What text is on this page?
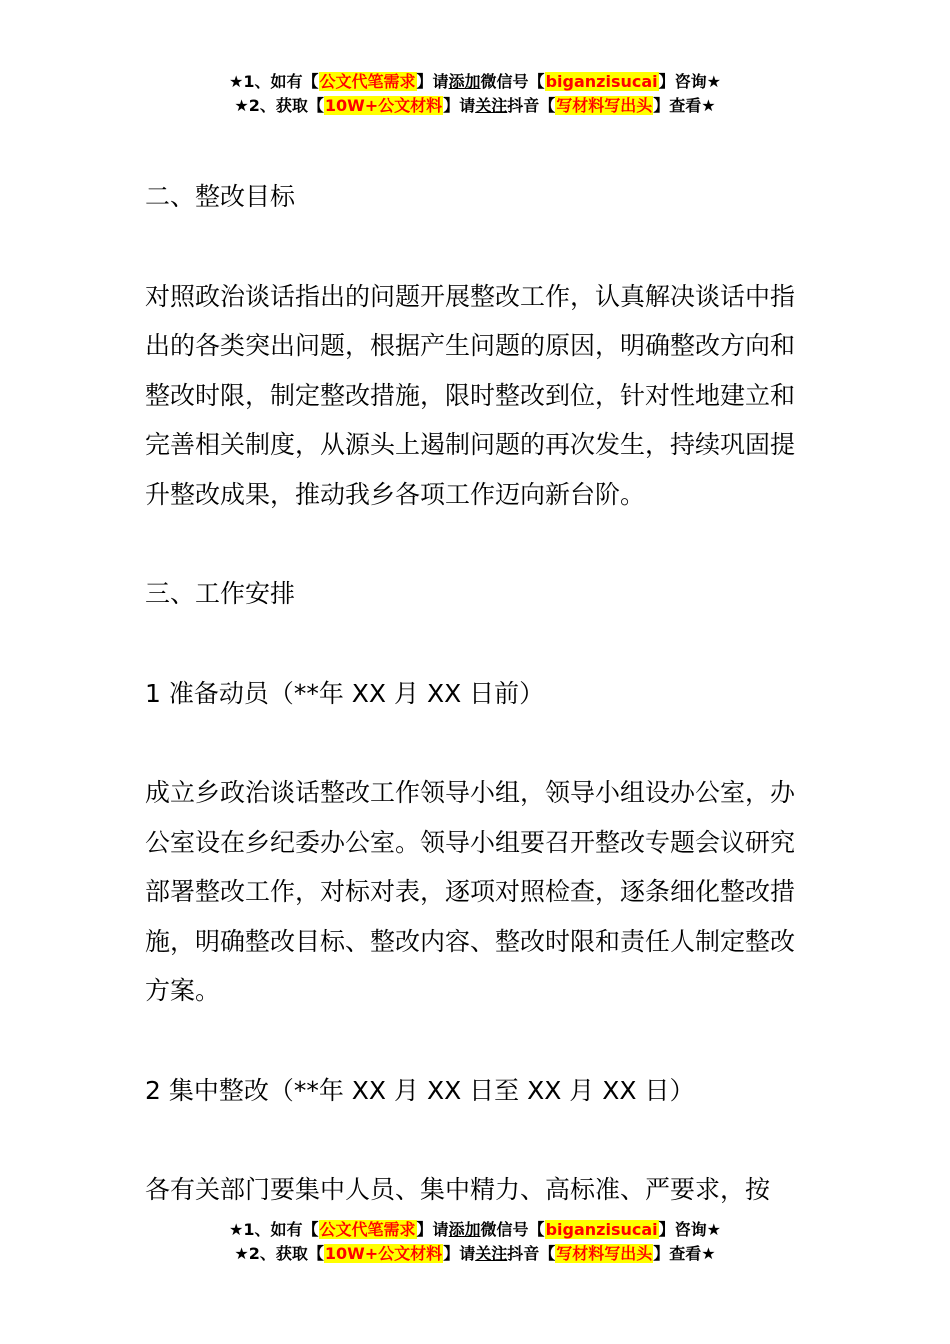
★1、如有【公文代笔需求】请添加微信号【biganzisucai】咨询★
★2、获取【10W+公文材料】请关注抖音【写材料写出头】查看★

二、整改目标

对照政治谈话指出的问题开展整改工作，认真解决谈话中指出的各类突出问题，根据产生问题的原因，明确整改方向和整改时限，制定整改措施，限时整改到位，针对性地建立和完善相关制度，从源头上遏制问题的再次发生，持续巩固提升整改成果，推动我乡各项工作迈向新台阶。

三、工作安排

1 准备动员（**年 XX 月 XX 日前）

成立乡政治谈话整改工作领导小组，领导小组设办公室，办公室设在乡纪委办公室。领导小组要召开整改专题会议研究部署整改工作，对标对表，逐项对照检查，逐条细化整改措施，明确整改目标、整改内容、整改时限和责任人制定整改方案。

2 集中整改（**年 XX 月 XX 日至 XX 月 XX 日）

各有关部门要集中人员、集中精力、高标准、严要求，按

★1、如有【公文代笔需求】请添加微信号【biganzisucai】咨询★
★2、获取【10W+公文材料】请关注抖音【写材料写出头】查看★
